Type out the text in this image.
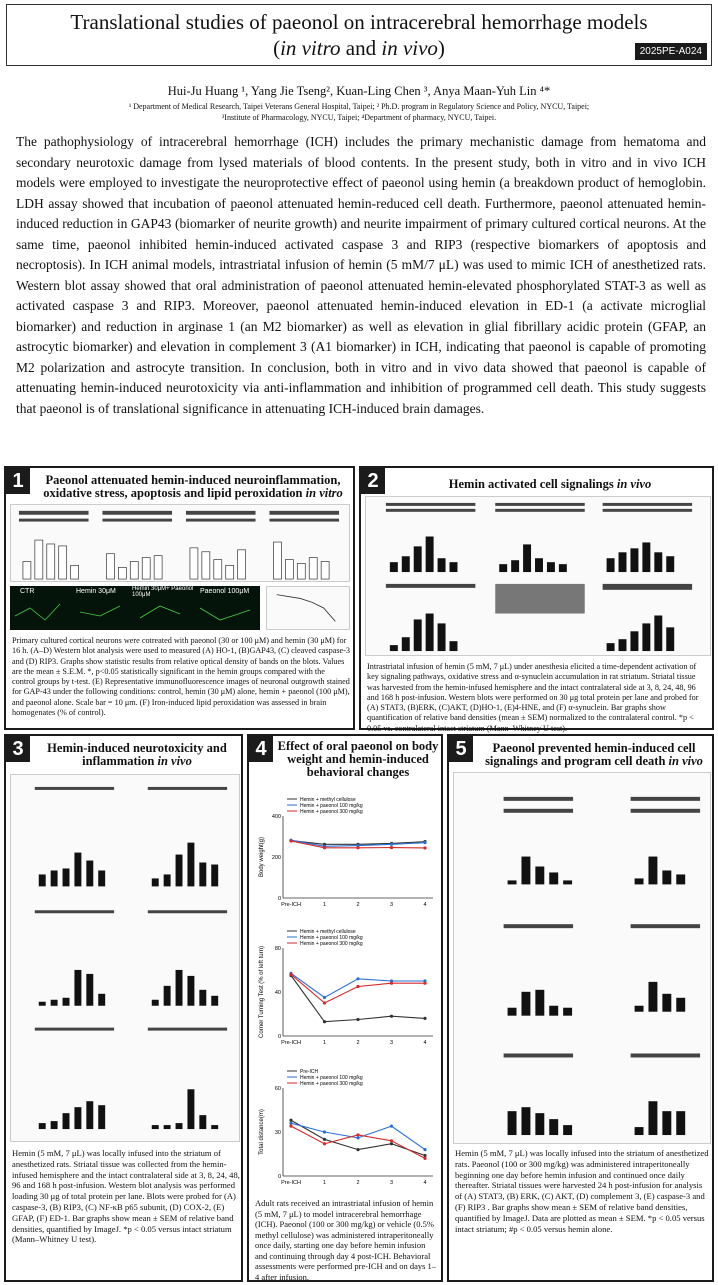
Translational studies of paeonol on intracerebral hemorrhage models
(in vitro and in vivo)	2025PE-A024
Hui-Ju Huang ¹, Yang Jie Tseng², Kuan-Ling Chen ³, Anya Maan-Yuh Lin ⁴*
¹ Department of Medical Research, Taipei Veterans General Hospital, Taipei; ² Ph.D. program in Regulatory Science and Policy, NYCU, Taipei;
³Institute of Pharmacology, NYCU, Taipei; ⁴Department of pharmacy, NYCU, Taipei.
The pathophysiology of intracerebral hemorrhage (ICH) includes the primary mechanistic damage from hematoma and secondary neurotoxic damage from lysed materials of blood contents. In the present study, both in vitro and in vivo ICH models were employed to investigate the neuroprotective effect of paeonol using hemin (a breakdown product of hemoglobin. LDH assay showed that incubation of paeonol attenuated hemin-reduced cell death. Furthermore, paeonol attenuated hemin-induced reduction in GAP43 (biomarker of neurite growth) and neurite impairment of primary cultured cortical neurons. At the same time, paeonol inhibited hemin-induced activated caspase 3 and RIP3 (respective biomarkers of apoptosis and necroptosis). In ICH animal models, intrastriatal infusion of hemin (5 mM/7 μL) was used to mimic ICH of anesthetized rats. Western blot assay showed that oral administration of paeonol attenuated hemin-elevated phosphorylated STAT-3 as well as activated caspase 3 and RIP3. Moreover, paeonol attenuated hemin-induced elevation in ED-1 (a activate microglial biomarker) and reduction in arginase 1 (an M2 biomarker) as well as elevation in glial fibrillary acidic protein (GFAP, an astrocytic biomarker) and elevation in complement 3 (A1 biomarker) in ICH, indicating that paeonol is capable of promoting M2 polarization and astrocyte transition. In conclusion, both in vitro and in vivo data showed that paeonol is capable of attenuating hemin-induced neurotoxicity via anti-inflammation and inhibition of programmed cell death. This study suggests that paeonol is of translational significance in attenuating ICH-induced brain damages.
1	Paeonol attenuated hemin-induced neuroinflammation, oxidative stress, apoptosis and lipid peroxidation in vitro
CTR	Hemin 30μM	Hemin 30μM+ Paeonol 100μM	Paeonol 100μM
Primary cultured cortical neurons were cotreated with paeonol (30 or 100 μM) and hemin (30 μM) for 16 h. (A–D) Western blot analysis were used to measured (A) HO-1, (B)GAP43, (C) cleaved caspase-3 and (D) RIP3. Graphs show statistic results from relative optical density of bands on the blots. Values are the mean ± S.E.M. *, p<0.05 statistically significant in the hemin groups compared with the control groups by t-test. (E) Representative immunofluorescence images of neuronal outgrowth stained for GAP-43 under the following conditions: control, hemin (30 μM) alone, hemin + paeonol (100 μM), and paeonol alone. Scale bar = 10 μm. (F) Iron-induced lipid peroxidation was assessed in brain homogenates (% of control).
2	Hemin activated cell signalings in vivo
Intrastriatal infusion of hemin (5 mM, 7 μL) under anesthesia elicited a time-dependent activation of key signaling pathways, oxidative stress and α-synuclein accumulation in rat striatum. Striatal tissue was harvested from the hemin-infused hemisphere and the intact contralateral side at 3, 8, 24, 48, 96 and 168 h post-infusion. Western blots were performed on 30 μg total protein per lane and probed for (A) STAT3, (B)ERK, (C)AKT, (D)HO-1, (E)4-HNE, and (F) α-synuclein. Bar graphs show quantification of relative band densities (mean ± SEM) normalized to the contralateral control. *p < 0.05 vs. contralateral intact striatum (Mann–Whitney U test).
3	Hemin-induced neurotoxicity and inflammation in vivo
Hemin (5 mM, 7 μL) was locally infused into the striatum of anesthetized rats. Striatal tissue was collected from the hemin-infused hemisphere and the intact contralateral side at 3, 8, 24, 48, 96 and 168 h post-infusion. Western blot analysis was performed loading 30 μg of total protein per lane. Blots were probed for (A) caspase-3, (B) RIP3, (C) NF-κB p65 subunit, (D) COX-2, (E) GFAP, (F) ED-1. Bar graphs show mean ± SEM of relative band densities, quantified by ImageJ. *p < 0.05 versus intact striatum (Mann–Whitney U test).
4 Effect of oral paeonol on body weight and hemin-induced behavioral changes
Body weight(g)
Pre-ICH	1	2	3	4
0
200
400
Hemin + methyl cellulose
Hemin + paeonol 100 mg/kg
Hemin + paeonol 300 mg/kg
Corner Turning Test (% of left turn)
Pre-ICH	1	2	3	4
0
40
80
Hemin + methyl cellulose
Hemin + paeonol 100 mg/kg
Hemin + paeonol 300 mg/kg
Total distance(m)
Pre-ICH	1	2	3	4
0
30
60
Pre-ICH
Hemin + paeonol 100 mg/kg
Hemin + paeonol 300 mg/kg
Adult rats received an intrastriatal infusion of hemin (5 mM, 7 μL) to model intracerebral hemorrhage (ICH). Paeonol (100 or 300 mg/kg) or vehicle (0.5% methyl cellulose) was administered intraperitoneally once daily, starting one day before hemin infusion and continuing through day 4 post-ICH. Behavioral assessments were performed pre-ICH and on days 1–4 after infusion.
5	Paeonol prevented hemin-induced cell signalings and program cell death in vivo
Hemin (5 mM, 7 μL) was locally infused into the striatum of anesthetized rats. Paeonol (100 or 300 mg/kg) was administered intraperitoneally beginning one day before hemin infusion and continued once daily thereafter. Striatal tissues were harvested 24 h post-infusion for analysis of (A) STAT3, (B) ERK, (C) AKT, (D) complement 3, (E) caspase-3 and (F) RIP3 . Bar graphs show mean ± SEM of relative band densities, quantified by ImageJ. Data are plotted as mean ± SEM. *p < 0.05 versus intact striatum; #p < 0.05 versus hemin alone.
